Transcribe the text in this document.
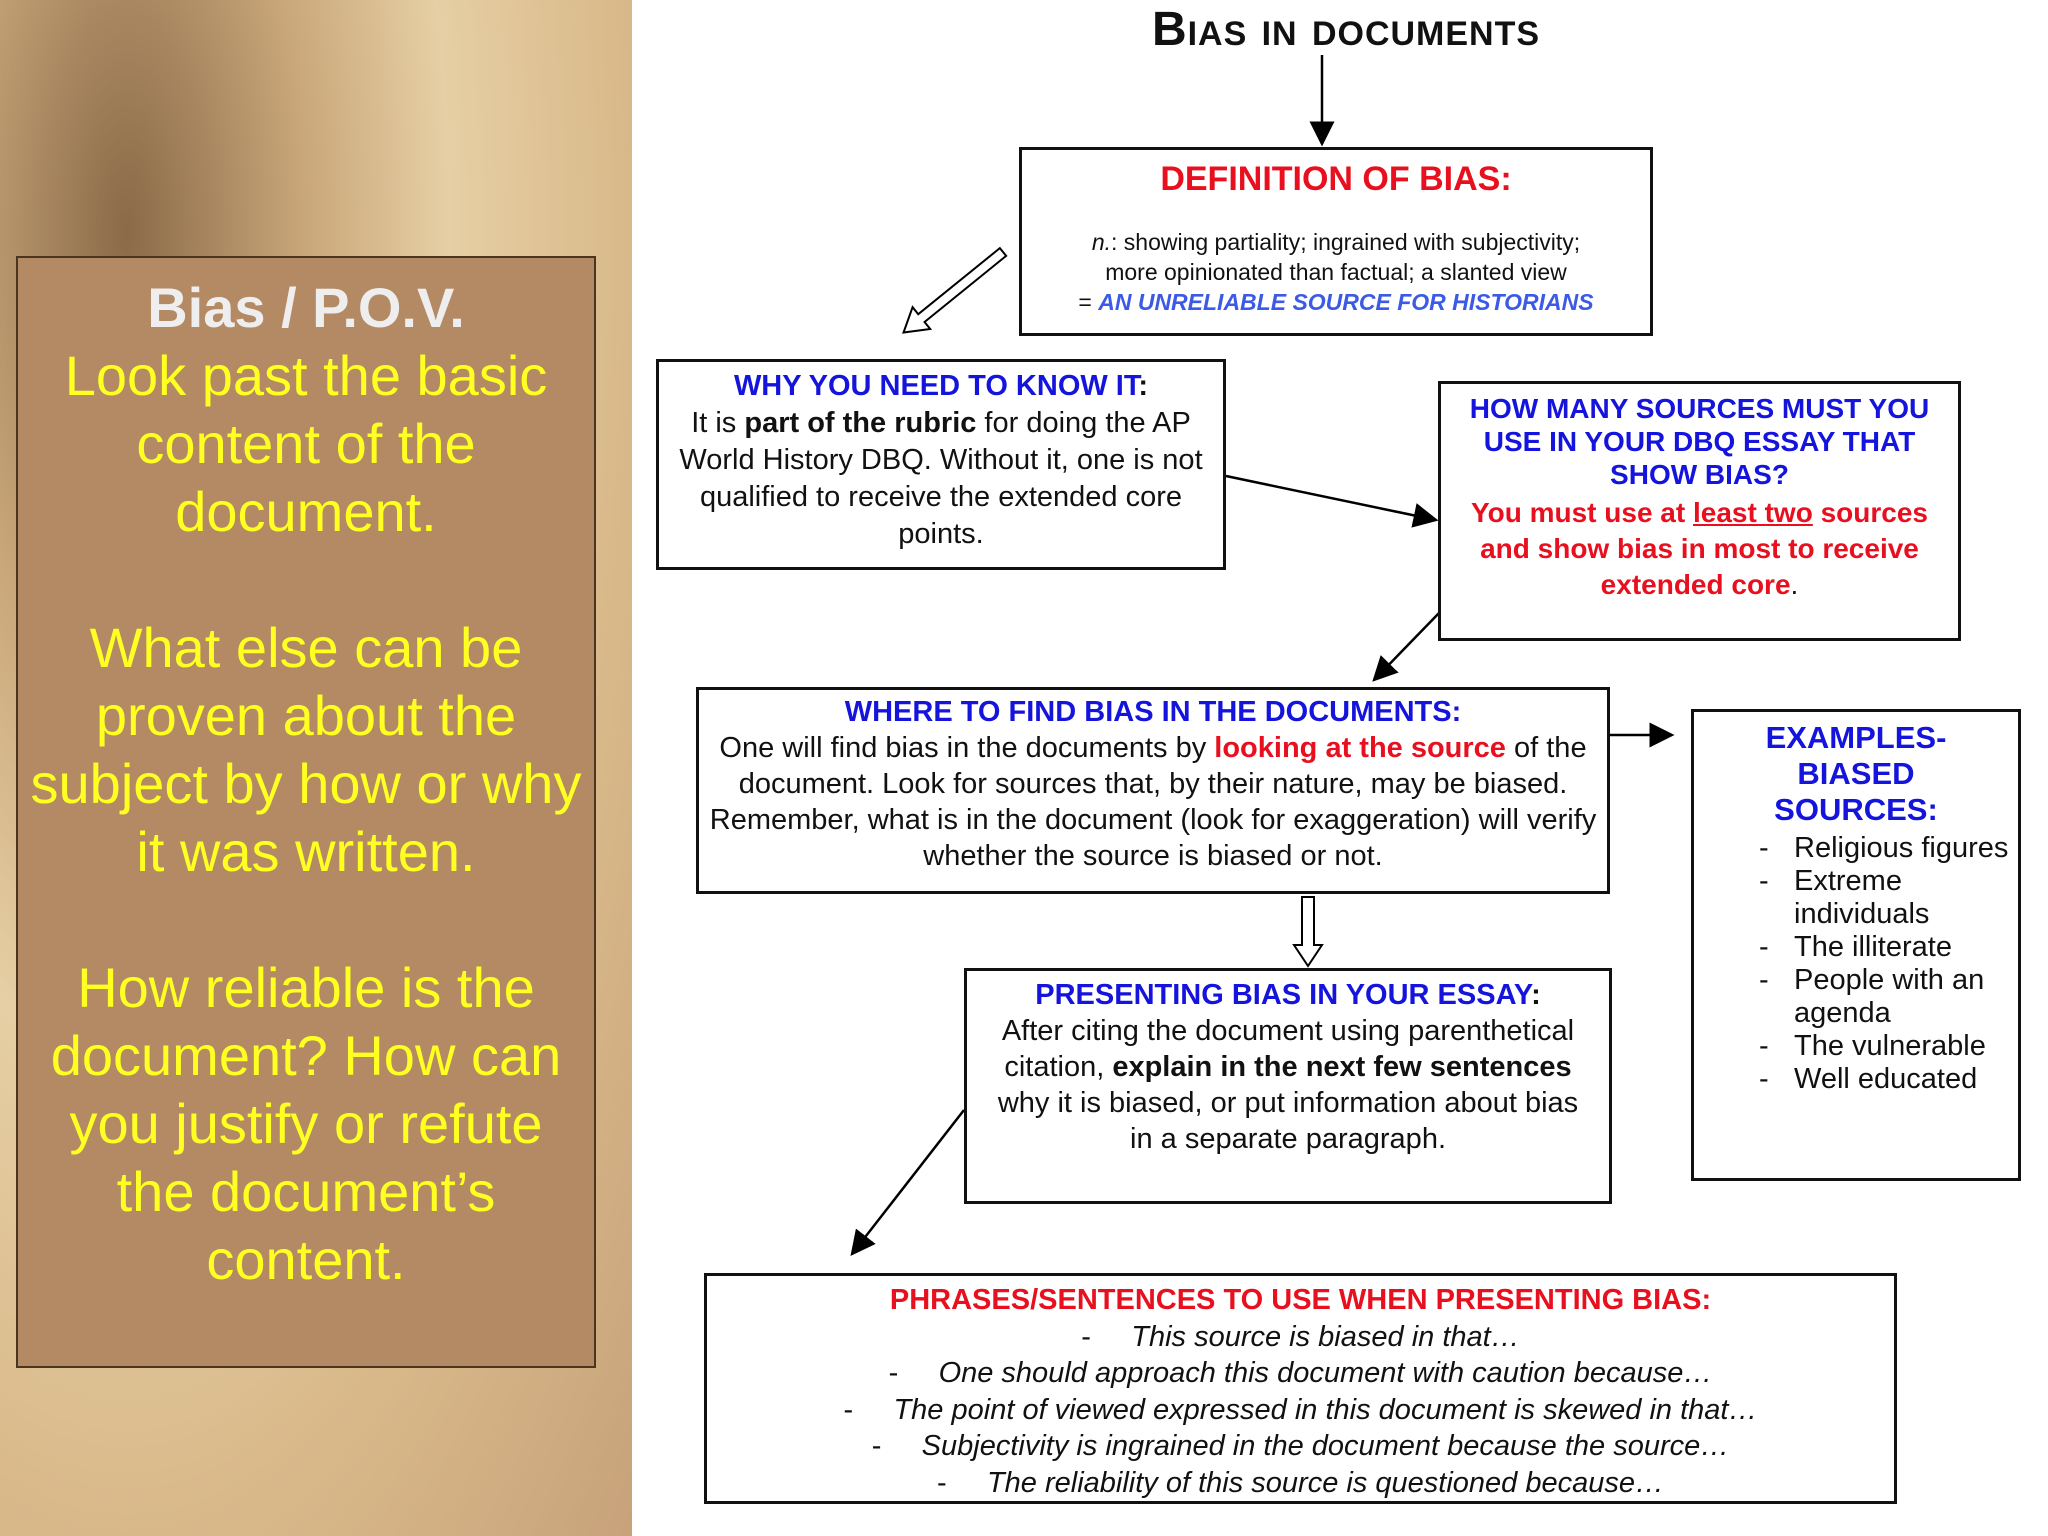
Bias / P.O.V.
Look past the basic content of the document.

What else can be proven about the subject by how or why it was written.

How reliable is the document? How can you justify or refute the document’s content.

Bias in documents
DEFINITION OF BIAS:
n.: showing partiality; ingrained with subjectivity;
more opinionated than factual; a slanted view
= AN UNRELIABLE SOURCE FOR HISTORIANS
WHY YOU NEED TO KNOW IT:
It is part of the rubric for doing the AP World History DBQ. Without it, one is not qualified to receive the extended core points.
HOW MANY SOURCES MUST YOU USE IN YOUR DBQ ESSAY THAT SHOW BIAS?
You must use at least two sources and show bias in most to receive extended core.
WHERE TO FIND BIAS IN THE DOCUMENTS:
One will find bias in the documents by looking at the source of the document. Look for sources that, by their nature, may be biased. Remember, what is in the document (look for exaggeration) will verify whether the source is biased or not.
EXAMPLES- BIASED SOURCES:
- Religious figures
- Extreme individuals
- The illiterate
- People with an agenda
- The vulnerable
- Well educated
PRESENTING BIAS IN YOUR ESSAY:
After citing the document using parenthetical citation, explain in the next few sentences why it is biased, or put information about bias in a separate paragraph.
PHRASES/SENTENCES TO USE WHEN PRESENTING BIAS:
-     This source is biased in that…
-     One should approach this document with caution because…
-     The point of viewed expressed in this document is skewed in that…
-     Subjectivity is ingrained in the document because the source…
-     The reliability of this source is questioned because…
